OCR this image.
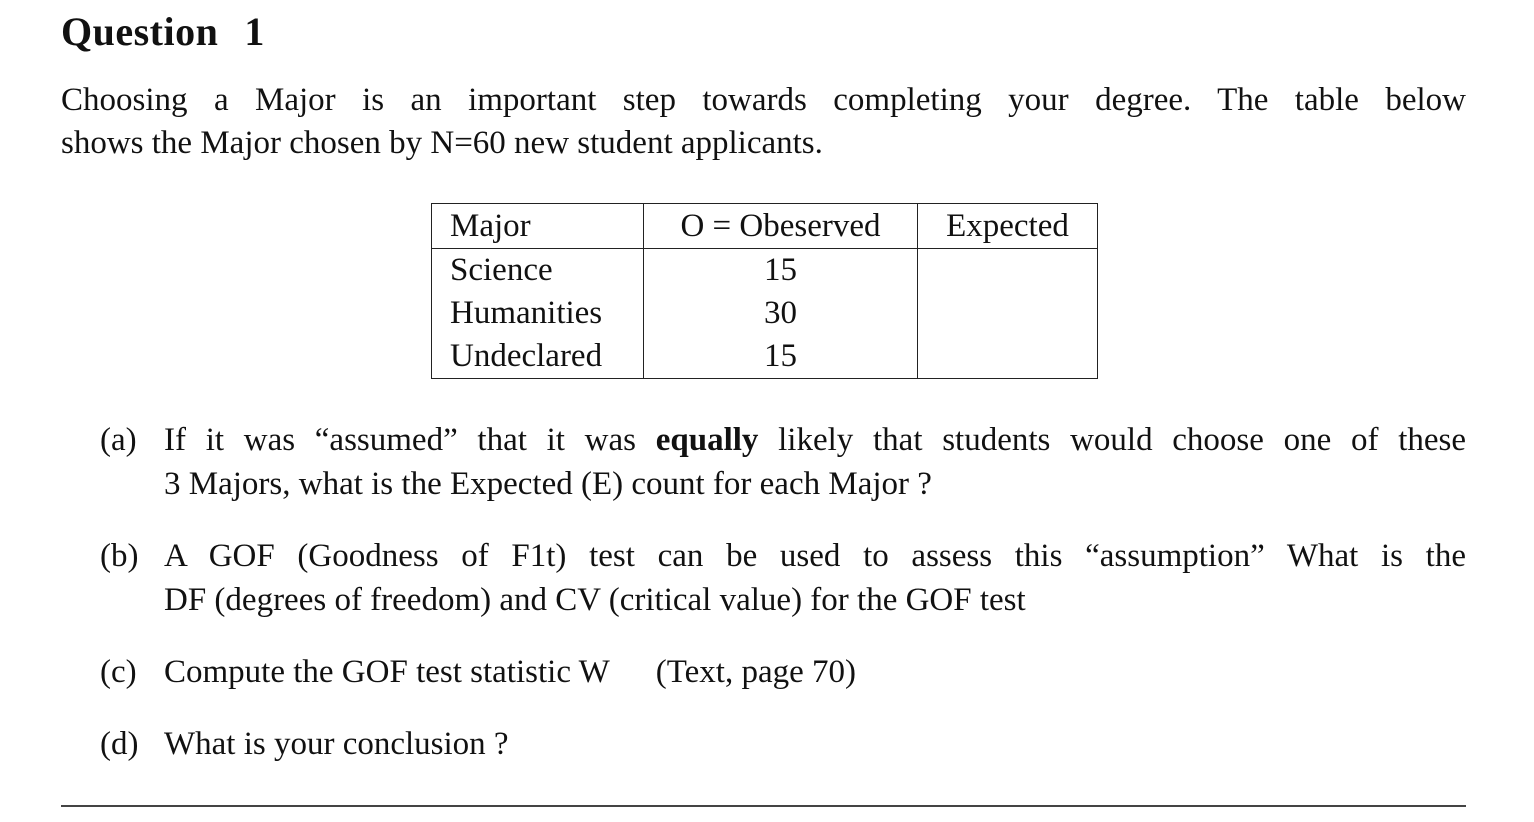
Question 1

Choosing a Major is an important step towards completing your degree. The table below
shows the Major chosen by N=60 new student applicants.

Major	O = Obeserved	Expected
Science	15	
Humanities	30	
Undeclared	15	
(a) If it was “assumed” that it was equally likely that students would choose one of these
3 Majors, what is the Expected (E) count for each Major ?
(b) A GOF (Goodness of F1t) test can be used to assess this “assumption” What is the
DF (degrees of freedom) and CV (critical value) for the GOF test
(c) Compute the GOF test statistic W (Text, page 70)
(d) What is your conclusion ?
